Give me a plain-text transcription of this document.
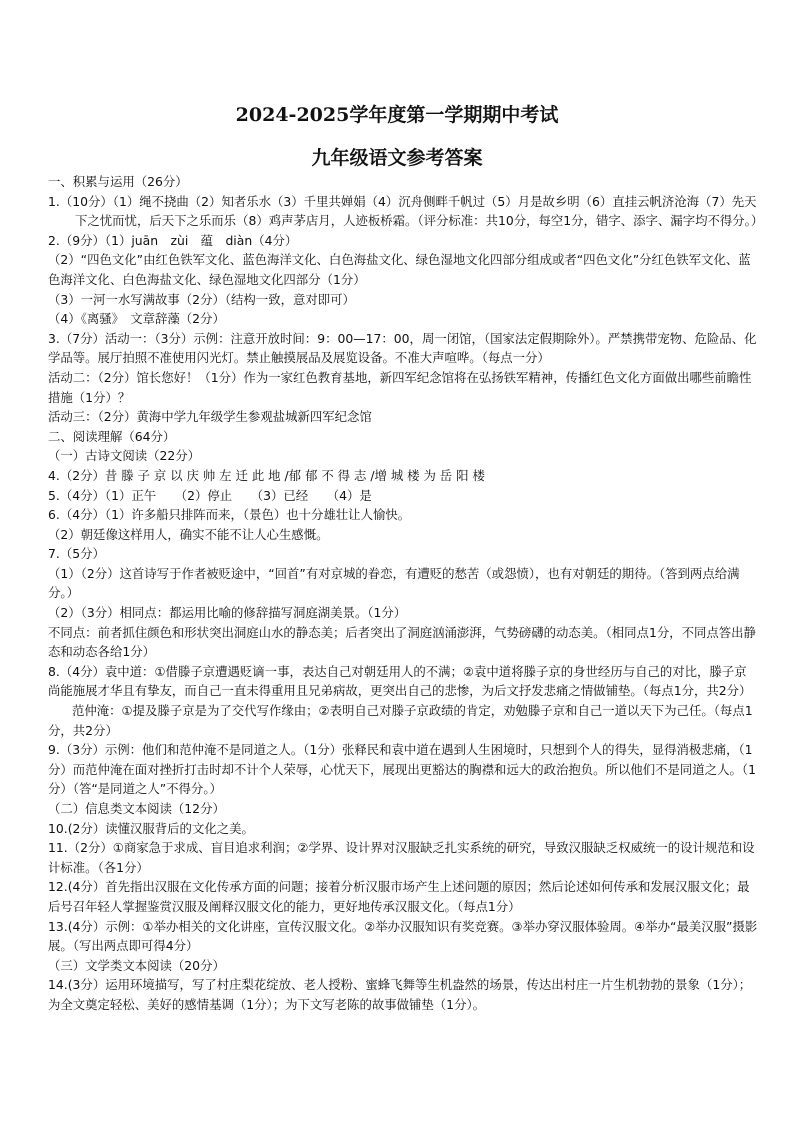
2024-2025学年度第一学期期中考试
九年级语文参考答案

一、积累与运用（26分）

1.（10分）（1）绳不挠曲（2）知者乐水（3）千里共婵娟（4）沉舟侧畔千帆过（5）月是故乡明（6）直挂云帆济沧海（7）先天下之忧而忧，后天下之乐而乐（8）鸡声茅店月，人迹板桥霜。（评分标准：共10分，每空1分，错字、添字、漏字均不得分。）

2.（9分）（1）juān　zùi　蕴　diàn（4分）

（2）“四色文化”由红色铁军文化、蓝色海洋文化、白色海盐文化、绿色湿地文化四部分组成或者“四色文化”分红色铁军文化、蓝色海洋文化、白色海盐文化、绿色湿地文化四部分（1分）

（3）一河一水写满故事（2分）（结构一致，意对即可）

（4）《离骚》　文章辞藻（2分）

3.（7分）活动一：（3分）示例：注意开放时间：9：00—17：00，周一闭馆，（国家法定假期除外）。严禁携带宠物、危险品、化学品等。展厅拍照不准使用闪光灯。禁止触摸展品及展览设备。不准大声喧哗。（每点一分）

活动二：（2分）馆长您好！（1分）作为一家红色教育基地，新四军纪念馆将在弘扬铁军精神，传播红色文化方面做出哪些前瞻性措施（1分）？

活动三：（2分）黄海中学九年级学生参观盐城新四军纪念馆

二、阅读理解（64分）

（一）古诗文阅读（22分）

4.（2分）昔 滕 子 京 以 庆 帅 左 迁 此 地 /郁 郁 不 得 志 /增 城 楼 为 岳 阳 楼

5.（4分）（1）正午　　（2）停止　　（3）已经　　（4）是

6.（4分）（1）许多船只排阵而来，（景色）也十分雄壮让人愉快。

（2）朝廷像这样用人，确实不能不让人心生感慨。

7.（5分）

（1）（2分）这首诗写于作者被贬途中，“回首”有对京城的眷恋，有遭贬的愁苦（或怨愤），也有对朝廷的期待。（答到两点给满分。）

（2）（3分）相同点：都运用比喻的修辞描写洞庭湖美景。（1分）

不同点：前者抓住颜色和形状突出洞庭山水的静态美；后者突出了洞庭汹涌澎湃，气势磅礴的动态美。（相同点1分，不同点答出静态和动态各给1分）

8.（4分）袁中道：①借滕子京遭遇贬谪一事，表达自己对朝廷用人的不满；②袁中道将滕子京的身世经历与自己的对比，滕子京尚能施展才华且有挚友，而自己一直未得重用且兄弟病故，更突出自己的悲惨，为后文抒发悲痛之情做铺垫。（每点1分，共2分）

范仲淹：①提及滕子京是为了交代写作缘由；②表明自己对滕子京政绩的肯定，劝勉滕子京和自己一道以天下为己任。（每点1分，共2分）

9.（3分）示例：他们和范仲淹不是同道之人。（1分）张释民和袁中道在遇到人生困境时，只想到个人的得失，显得消极悲痛，（1分）而范仲淹在面对挫折打击时却不计个人荣辱，心忧天下，展现出更豁达的胸襟和远大的政治抱负。所以他们不是同道之人。（1分）（答“是同道之人”不得分。）

（二）信息类文本阅读（12分）

10.(2分）读懂汉服背后的文化之美。

11.（2分）①商家急于求成、盲目追求利润；②学界、设计界对汉服缺乏扎实系统的研究，导致汉服缺乏权威统一的设计规范和设计标准。（各1分）

12.(4分）首先指出汉服在文化传承方面的问题；接着分析汉服市场产生上述问题的原因；然后论述如何传承和发展汉服文化；最后号召年轻人掌握鉴赏汉服及阐释汉服文化的能力，更好地传承汉服文化。（每点1分）

13.(4分）示例：①举办相关的文化讲座，宣传汉服文化。②举办汉服知识有奖竞赛。③举办穿汉服体验周。④举办“最美汉服”摄影展。（写出两点即可得4分）

（三）文学类文本阅读（20分）

14.(3分）运用环境描写，写了村庄梨花绽放、老人授粉、蜜蜂飞舞等生机盎然的场景，传达出村庄一片生机勃勃的景象（1分）；为全文奠定轻松、美好的感情基调（1分）；为下文写老陈的故事做铺垫（1分）。
